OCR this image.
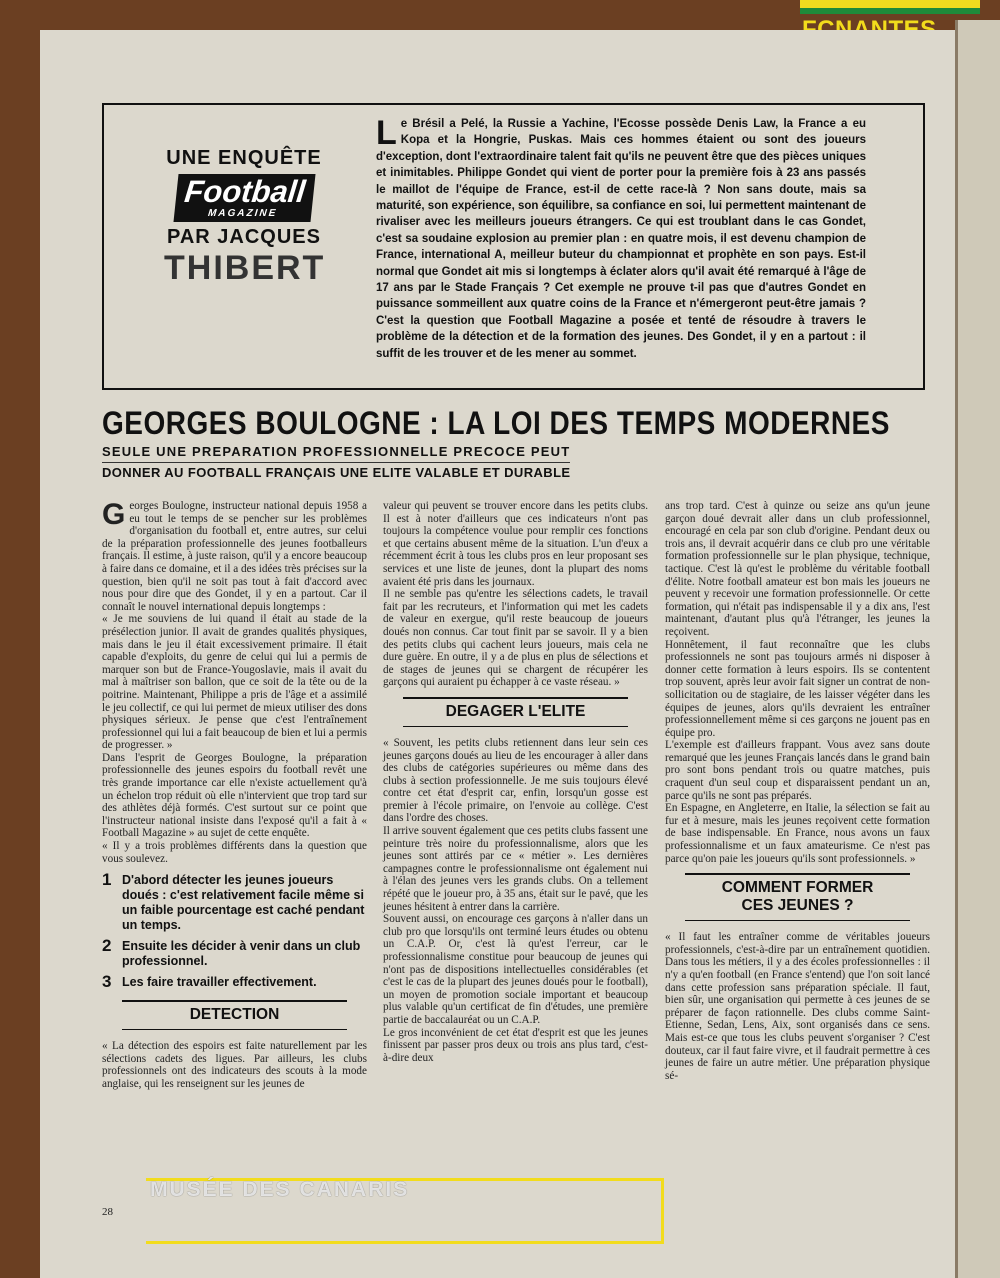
UNE ENQUÊTE
Football
MAGAZINE
PAR JACQUES
THIBERT

Le Brésil a Pelé, la Russie a Yachine, l'Ecosse possède Denis Law, la France a eu Kopa et la Hongrie, Puskas. Mais ces hommes étaient ou sont des joueurs d'exception, dont l'extraordinaire talent fait qu'ils ne peuvent être que des pièces uniques et inimitables. Philippe Gondet qui vient de porter pour la première fois à 23 ans passés le maillot de l'équipe de France, est-il de cette race-là ? Non sans doute, mais sa maturité, son expérience, son équilibre, sa confiance en soi, lui permettent maintenant de rivaliser avec les meilleurs joueurs étrangers. Ce qui est troublant dans le cas Gondet, c'est sa soudaine explosion au premier plan : en quatre mois, il est devenu champion de France, international A, meilleur buteur du championnat et prophète en son pays. Est-il normal que Gondet ait mis si longtemps à éclater alors qu'il avait été remarqué à l'âge de 17 ans par le Stade Français ? Cet exemple ne prouve t-il pas que d'autres Gondet en puissance sommeillent aux quatre coins de la France et n'émergeront peut-être jamais ? C'est la question que Football Magazine a posée et tenté de résoudre à travers le problème de la détection et de la formation des jeunes. Des Gondet, il y en a partout : il suffit de les trouver et de les mener au sommet.

GEORGES BOULOGNE : LA LOI DES TEMPS MODERNES
SEULE UNE PREPARATION PROFESSIONNELLE PRECOCE PEUT
DONNER AU FOOTBALL FRANÇAIS UNE ELITE VALABLE ET DURABLE

Georges Boulogne, instructeur national depuis 1958 a eu tout le temps de se pencher sur les problèmes d'organisation du football et, entre autres, sur celui de la préparation professionnelle des jeunes footballeurs français. Il estime, à juste raison, qu'il y a encore beaucoup à faire dans ce domaine, et il a des idées très précises sur la question, bien qu'il ne soit pas tout à fait d'accord avec nous pour dire que des Gondet, il y en a partout. Car il connaît le nouvel international depuis longtemps :

« Je me souviens de lui quand il était au stade de la présélection junior. Il avait de grandes qualités physiques, mais dans le jeu il était excessivement primaire. Il était capable d'exploits, du genre de celui qui lui a permis de marquer son but de France-Yougoslavie, mais il avait du mal à maîtriser son ballon, que ce soit de la tête ou de la poitrine. Maintenant, Philippe a pris de l'âge et a assimilé le jeu collectif, ce qui lui permet de mieux utiliser des dons physiques sérieux. Je pense que c'est l'entraînement professionnel qui lui a fait beaucoup de bien et lui a permis de progresser. »

Dans l'esprit de Georges Boulogne, la préparation professionnelle des jeunes espoirs du football revêt une très grande importance car elle n'existe actuellement qu'à un échelon trop réduit où elle n'intervient que trop tard sur des athlètes déjà formés. C'est surtout sur ce point que l'instructeur national insiste dans l'exposé qu'il a fait à « Football Magazine » au sujet de cette enquête.

« Il y a trois problèmes différents dans la question que vous soulevez.

1 D'abord détecter les jeunes joueurs doués : c'est relativement facile même si un faible pourcentage est caché pendant un temps.
2 Ensuite les décider à venir dans un club professionnel.
3 Les faire travailler effectivement.
DETECTION

« La détection des espoirs est faite naturellement par les sélections cadets des ligues. Par ailleurs, les clubs professionnels ont des indicateurs des scouts à la mode anglaise, qui les renseignent sur les jeunes de

valeur qui peuvent se trouver encore dans les petits clubs. Il est à noter d'ailleurs que ces indicateurs n'ont pas toujours la compétence voulue pour remplir ces fonctions et que certains abusent même de la situation. L'un d'eux a récemment écrit à tous les clubs pros en leur proposant ses services et une liste de jeunes, dont la plupart des noms avaient été pris dans les journaux.

Il ne semble pas qu'entre les sélections cadets, le travail fait par les recruteurs, et l'information qui met les cadets de valeur en exergue, qu'il reste beaucoup de joueurs doués non connus. Car tout finit par se savoir. Il y a bien des petits clubs qui cachent leurs joueurs, mais cela ne dure guère. En outre, il y a de plus en plus de sélections et de stages de jeunes qui se chargent de récupérer les garçons qui auraient pu échapper à ce vaste réseau. »

DEGAGER L'ELITE

« Souvent, les petits clubs retiennent dans leur sein ces jeunes garçons doués au lieu de les encourager à aller dans des clubs de catégories supérieures ou même dans des clubs à section professionnelle. Je me suis toujours élevé contre cet état d'esprit car, enfin, lorsqu'un gosse est premier à l'école primaire, on l'envoie au collège. C'est dans l'ordre des choses.

Il arrive souvent également que ces petits clubs fassent une peinture très noire du professionnalisme, alors que les jeunes sont attirés par ce « métier ». Les dernières campagnes contre le professionnalisme ont également nui à l'élan des jeunes vers les grands clubs. On a tellement répété que le joueur pro, à 35 ans, était sur le pavé, que les jeunes hésitent à entrer dans la carrière.

Souvent aussi, on encourage ces garçons à n'aller dans un club pro que lorsqu'ils ont terminé leurs études ou obtenu un C.A.P. Or, c'est là qu'est l'erreur, car le professionnalisme constitue pour beaucoup de jeunes qui n'ont pas de dispositions intellectuelles considérables (et c'est le cas de la plupart des jeunes doués pour le football), un moyen de promotion sociale important et beaucoup plus valable qu'un certificat de fin d'études, une première partie de baccalauréat ou un C.A.P.

Le gros inconvénient de cet état d'esprit est que les jeunes finissent par passer pros deux ou trois ans plus tard, c'est-à-dire deux

ans trop tard. C'est à quinze ou seize ans qu'un jeune garçon doué devrait aller dans un club professionnel, encouragé en cela par son club d'origine. Pendant deux ou trois ans, il devrait acquérir dans ce club pro une véritable formation professionnelle sur le plan physique, technique, tactique. C'est là qu'est le problème du véritable football d'élite. Notre football amateur est bon mais les joueurs ne peuvent y recevoir une formation professionnelle. Or cette formation, qui n'était pas indispensable il y a dix ans, l'est maintenant, d'autant plus qu'à l'étranger, les jeunes la reçoivent.

Honnêtement, il faut reconnaître que les clubs professionnels ne sont pas toujours armés ni disposer à donner cette formation à leurs espoirs. Ils se contentent trop souvent, après leur avoir fait signer un contrat de non-sollicitation ou de stagiaire, de les laisser végéter dans les équipes de jeunes, alors qu'ils devraient les entraîner professionnellement même si ces garçons ne jouent pas en équipe pro.

L'exemple est d'ailleurs frappant. Vous avez sans doute remarqué que les jeunes Français lancés dans le grand bain pro sont bons pendant trois ou quatre matches, puis craquent d'un seul coup et disparaissent pendant un an, parce qu'ils ne sont pas préparés.

En Espagne, en Angleterre, en Italie, la sélection se fait au fur et à mesure, mais les jeunes reçoivent cette formation de base indispensable. En France, nous avons un faux professionnalisme et un faux amateurisme. Ce n'est pas parce qu'on paie les joueurs qu'ils sont professionnels. »

COMMENT FORMER
CES JEUNES ?

« Il faut les entraîner comme de véritables joueurs professionnels, c'est-à-dire par un entraînement quotidien. Dans tous les métiers, il y a des écoles professionnelles : il n'y a qu'en football (en France s'entend) que l'on soit lancé dans cette profession sans préparation spéciale. Il faut, bien sûr, une organisation qui permette à ces jeunes de se préparer de façon rationnelle. Des clubs comme Saint-Etienne, Sedan, Lens, Aix, sont organisés dans ce sens. Mais est-ce que tous les clubs peuvent s'organiser ? C'est douteux, car il faut faire vivre, et il faudrait permettre à ces jeunes de faire un autre métier. Une préparation physique sé-

28
MUSÉE DES CANARIS
